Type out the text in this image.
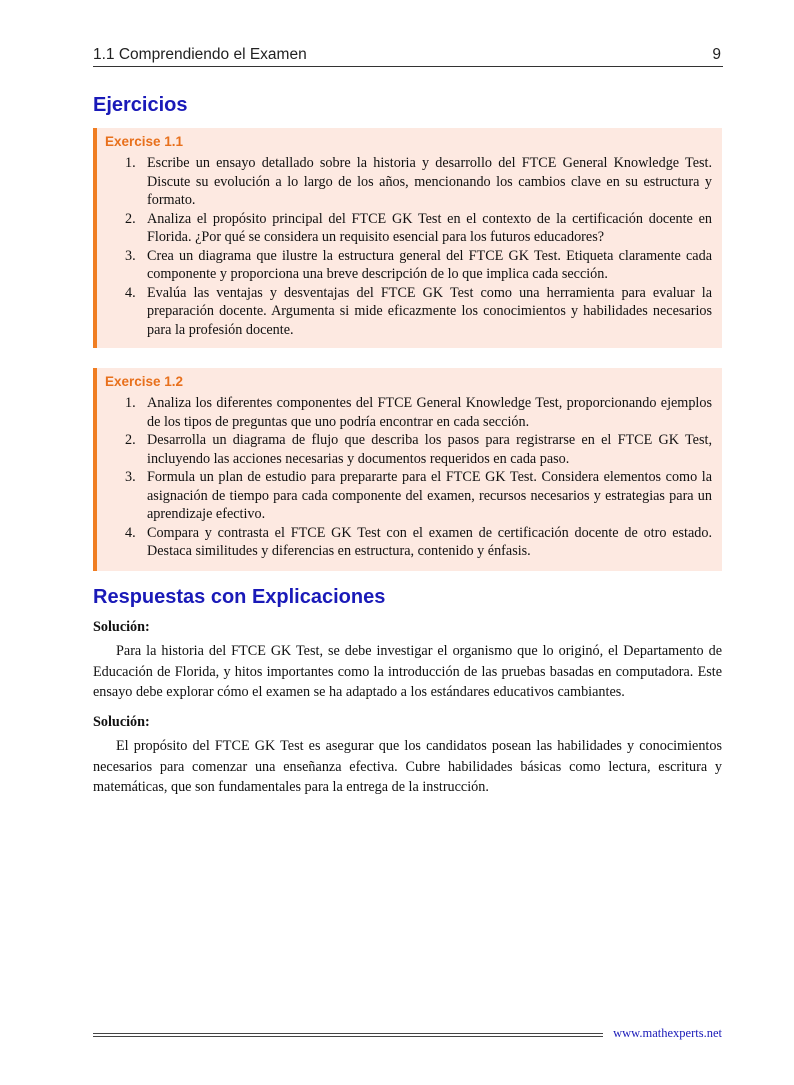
1.1 Comprendiendo el Examen	9
Ejercicios
Exercise 1.1
1. Escribe un ensayo detallado sobre la historia y desarrollo del FTCE General Knowledge Test. Discute su evolución a lo largo de los años, mencionando los cambios clave en su estructura y formato.
2. Analiza el propósito principal del FTCE GK Test en el contexto de la certificación docente en Florida. ¿Por qué se considera un requisito esencial para los futuros educadores?
3. Crea un diagrama que ilustre la estructura general del FTCE GK Test. Etiqueta claramente cada componente y proporciona una breve descripción de lo que implica cada sección.
4. Evalúa las ventajas y desventajas del FTCE GK Test como una herramienta para evaluar la preparación docente. Argumenta si mide eficazmente los conocimientos y habilidades necesarios para la profesión docente.
Exercise 1.2
1. Analiza los diferentes componentes del FTCE General Knowledge Test, proporcionando ejemplos de los tipos de preguntas que uno podría encontrar en cada sección.
2. Desarrolla un diagrama de flujo que describa los pasos para registrarse en el FTCE GK Test, incluyendo las acciones necesarias y documentos requeridos en cada paso.
3. Formula un plan de estudio para prepararte para el FTCE GK Test. Considera elementos como la asignación de tiempo para cada componente del examen, recursos necesarios y estrategias para un aprendizaje efectivo.
4. Compara y contrasta el FTCE GK Test con el examen de certificación docente de otro estado. Destaca similitudes y diferencias en estructura, contenido y énfasis.
Respuestas con Explicaciones
Solución:

Para la historia del FTCE GK Test, se debe investigar el organismo que lo originó, el Departamento de Educación de Florida, y hitos importantes como la introducción de las pruebas basadas en computadora. Este ensayo debe explorar cómo el examen se ha adaptado a los estándares educativos cambiantes.

Solución:

El propósito del FTCE GK Test es asegurar que los candidatos posean las habilidades y conocimientos necesarios para comenzar una enseñanza efectiva. Cubre habilidades básicas como lectura, escritura y matemáticas, que son fundamentales para la entrega de la instrucción.

www.mathexperts.net
